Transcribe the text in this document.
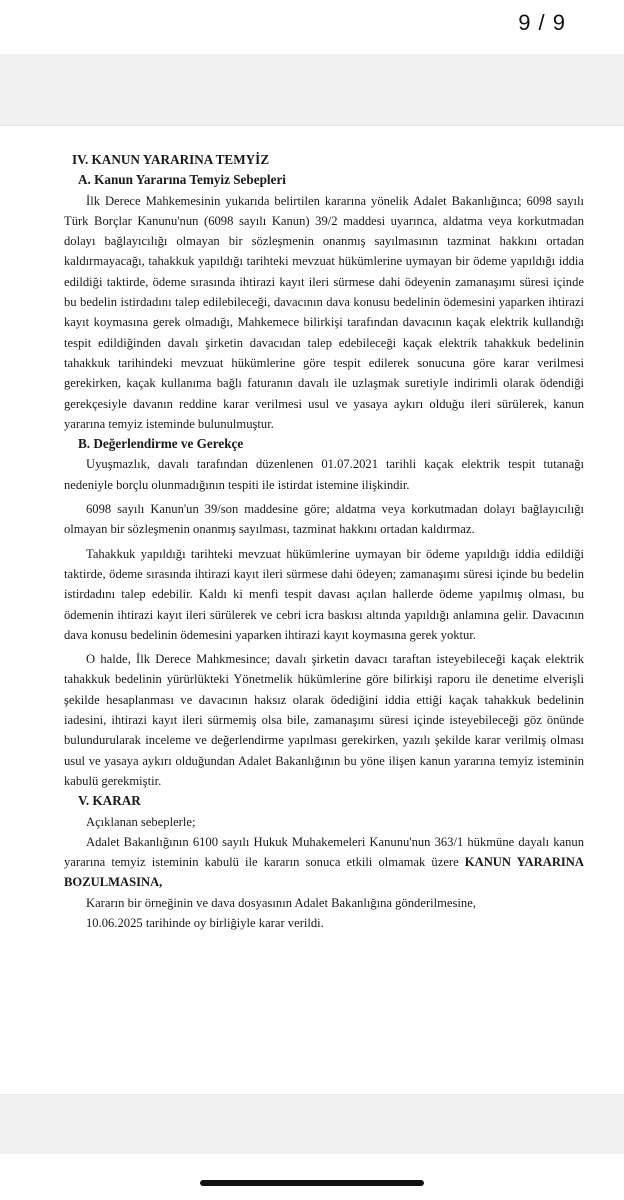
9 / 9

IV. KANUN YARARINA TEMYİZ

A. Kanun Yararına Temyiz Sebepleri

İlk Derece Mahkemesinin yukarıda belirtilen kararına yönelik Adalet Bakanlığınca; 6098 sayılı Türk Borçlar Kanunu'nun (6098 sayılı Kanun) 39/2 maddesi uyarınca, aldatma veya korkutmadan dolayı bağlayıcılığı olmayan bir sözleşmenin onanmış sayılmasının tazminat hakkını ortadan kaldırmayacağı, tahakkuk yapıldığı tarihteki mevzuat hükümlerine uymayan bir ödeme yapıldığı iddia edildiği taktirde, ödeme sırasında ihtirazi kayıt ileri sürmese dahi ödeyenin zamanaşımı süresi içinde bu bedelin istirdadını talep edilebileceği, davacının dava konusu bedelinin ödemesini yaparken ihtirazi kayıt koymasına gerek olmadığı, Mahkemece bilirkişi tarafından davacının kaçak elektrik kullandığı tespit edildiğinden davalı şirketin davacıdan talep edebileceği kaçak elektrik tahakkuk bedelinin tahakkuk tarihindeki mevzuat hükümlerine göre tespit edilerek sonucuna göre karar verilmesi gerekirken, kaçak kullanıma bağlı faturanın davalı ile uzlaşmak suretiyle indirimli olarak ödendiği gerekçesiyle davanın reddine karar verilmesi usul ve yasaya aykırı olduğu ileri sürülerek, kanun yararına temyiz isteminde bulunulmuştur.

B. Değerlendirme ve Gerekçe

Uyuşmazlık, davalı tarafından düzenlenen 01.07.2021 tarihli kaçak elektrik tespit tutanağı nedeniyle borçlu olunmadığının tespiti ile istirdat istemine ilişkindir.

6098 sayılı Kanun'un 39/son maddesine göre; aldatma veya korkutmadan dolayı bağlayıcılığı olmayan bir sözleşmenin onanmış sayılması, tazminat hakkını ortadan kaldırmaz.

Tahakkuk yapıldığı tarihteki mevzuat hükümlerine uymayan bir ödeme yapıldığı iddia edildiği taktirde, ödeme sırasında ihtirazi kayıt ileri sürmese dahi ödeyen; zamanaşımı süresi içinde bu bedelin istirdadını talep edebilir. Kaldı ki menfi tespit davası açılan hallerde ödeme yapılmış olması, bu ödemenin ihtirazi kayıt ileri sürülerek ve cebri icra baskısı altında yapıldığı anlamına gelir. Davacının dava konusu bedelinin ödemesini yaparken ihtirazi kayıt koymasına gerek yoktur.

O halde, İlk Derece Mahkmesince; davalı şirketin davacı taraftan isteyebileceği kaçak elektrik tahakkuk bedelinin yürürlükteki Yönetmelik hükümlerine göre bilirkişi raporu ile denetime elverişli şekilde hesaplanması ve davacının haksız olarak ödediğini iddia ettiği kaçak tahakkuk bedelinin iadesini, ihtirazi kayıt ileri sürmemiş olsa bile, zamanaşımı süresi içinde isteyebileceği göz önünde bulundurularak inceleme ve değerlendirme yapılması gerekirken, yazılı şekilde karar verilmiş olması usul ve yasaya aykırı olduğundan Adalet Bakanlığının bu yöne ilişen kanun yararına temyiz isteminin kabulü gerekmiştir.

V. KARAR

Açıklanan sebeplerle;

Adalet Bakanlığının 6100 sayılı Hukuk Muhakemeleri Kanunu'nun 363/1 hükmüne dayalı kanun yararına temyiz isteminin kabulü ile kararın sonuca etkili olmamak üzere KANUN YARARINA BOZULMASINA,

Kararın bir örneğinin ve dava dosyasının Adalet Bakanlığına gönderilmesine,

10.06.2025 tarihinde oy birliğiyle karar verildi.
